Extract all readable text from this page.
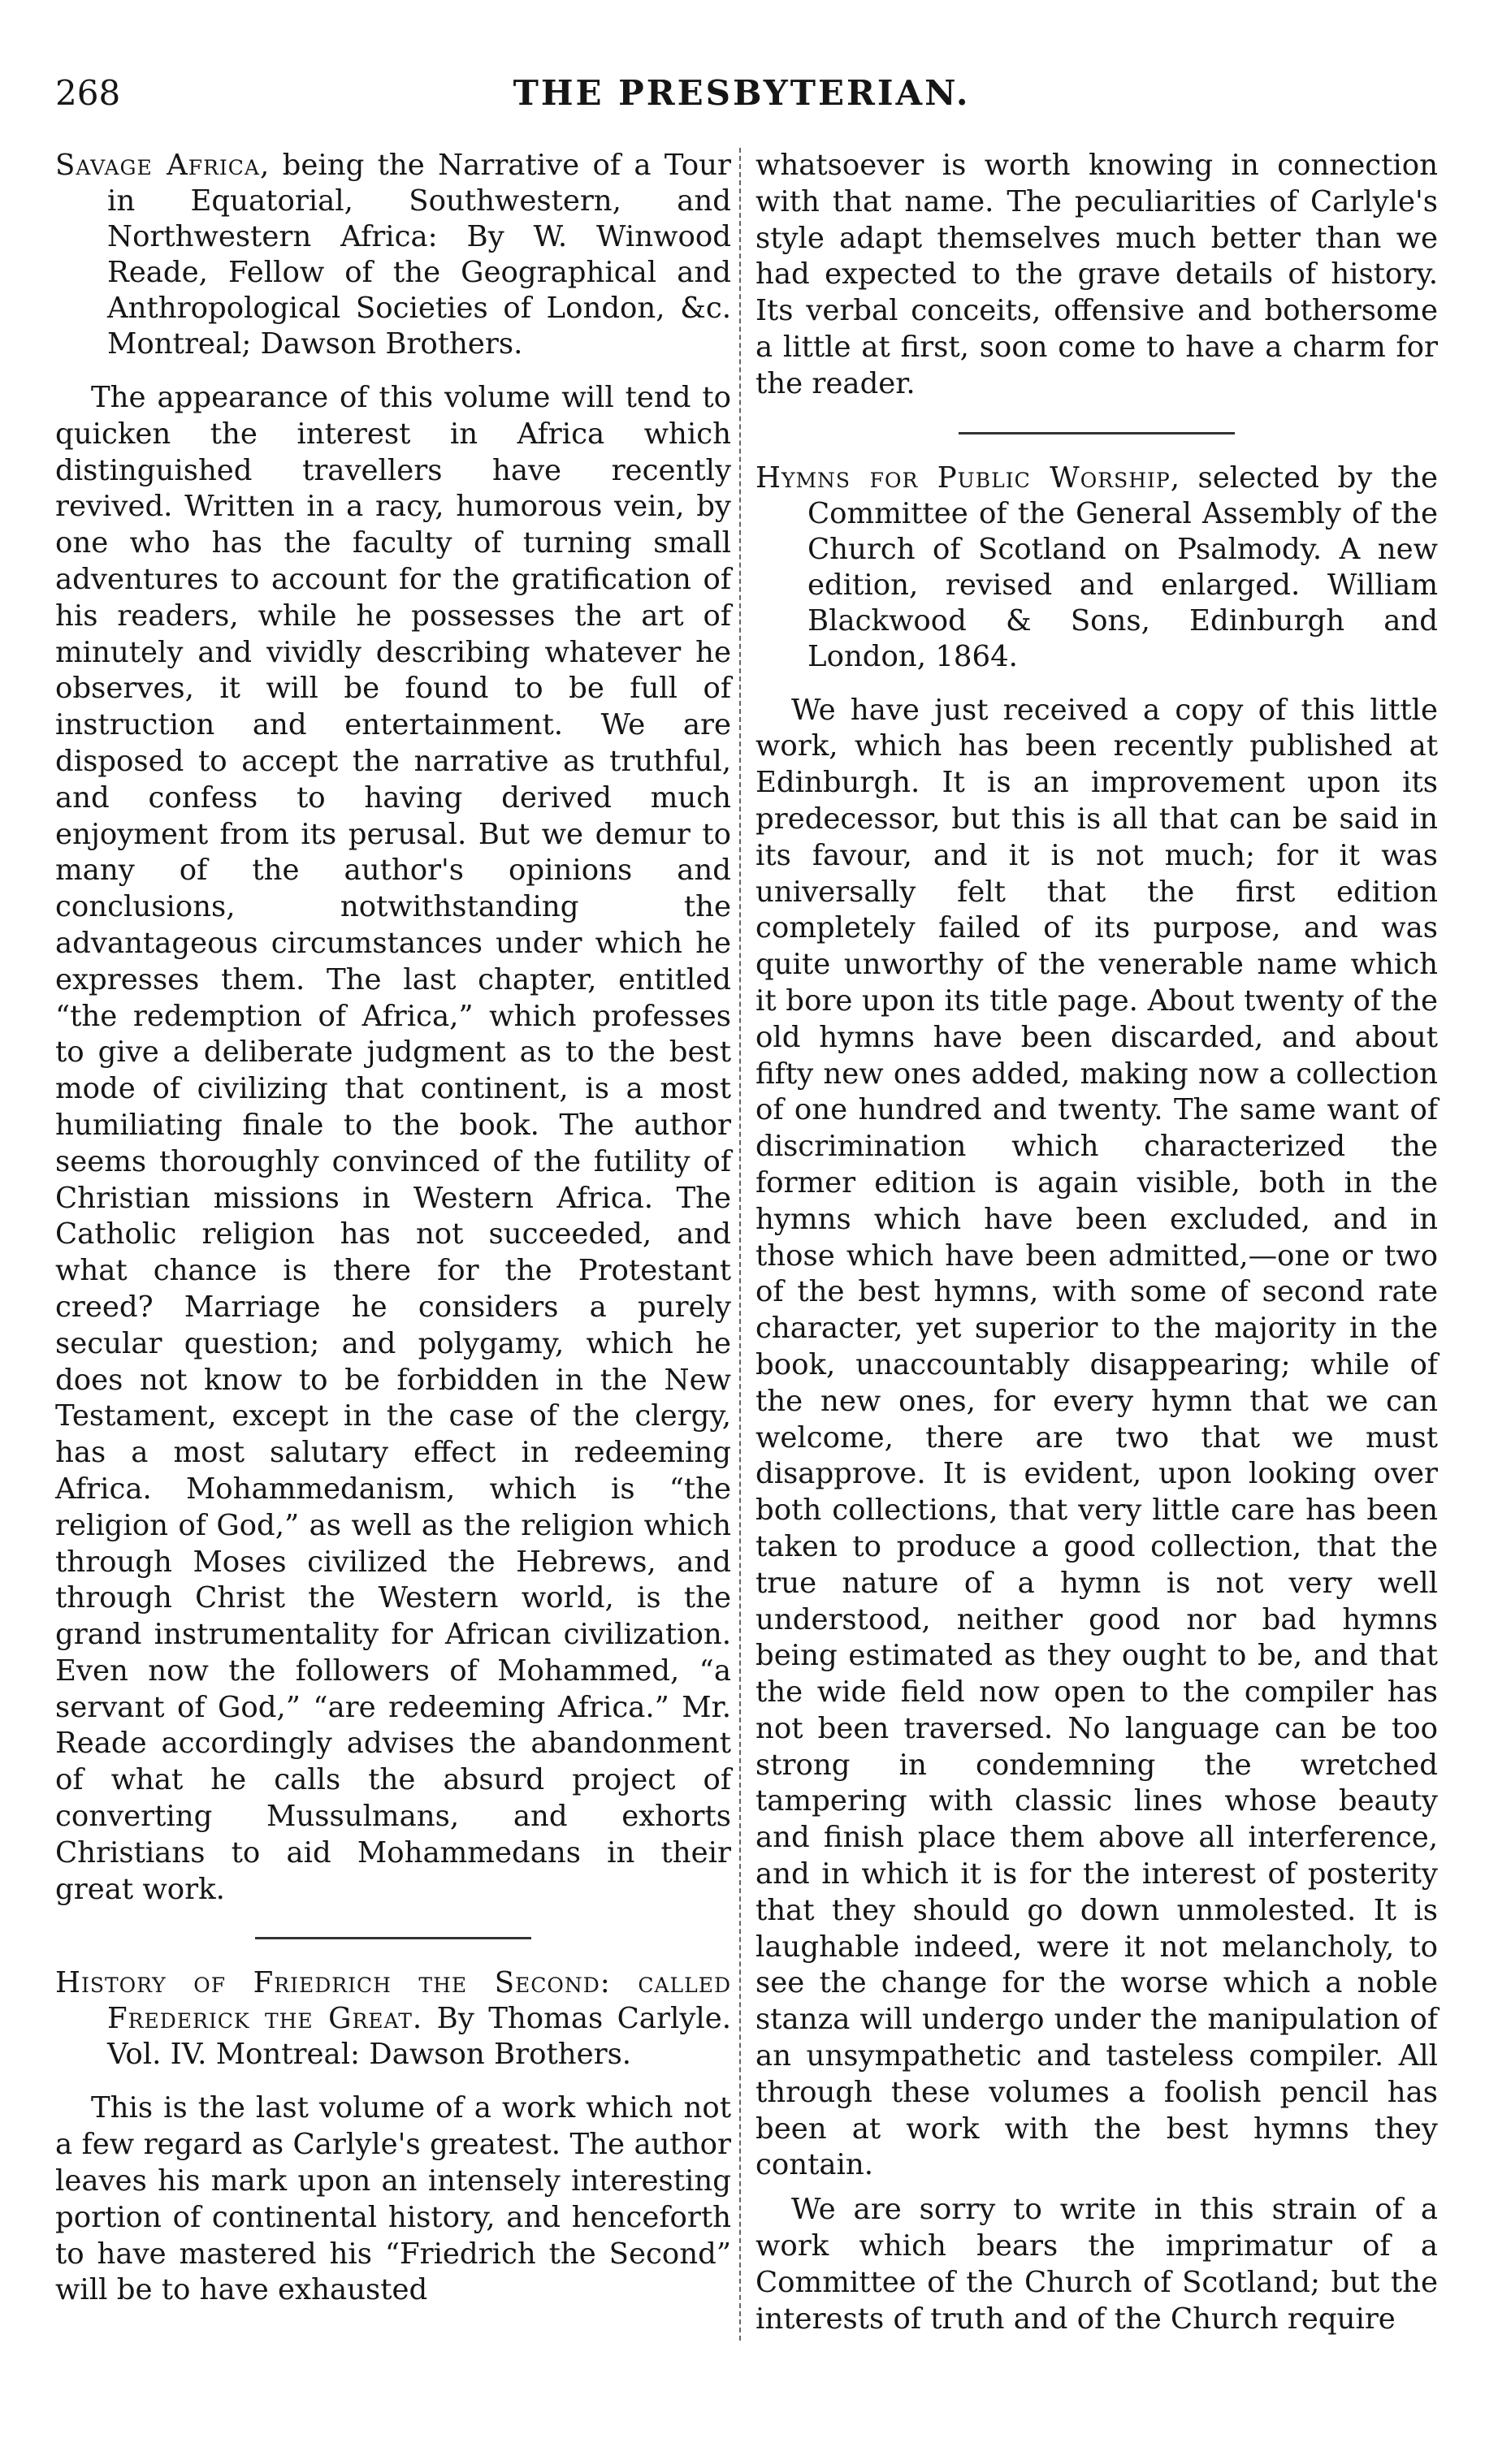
268	THE PRESBYTERIAN.

Savage Africa, being the Narrative of a Tour in Equatorial, Southwestern, and Northwestern Africa: By W. Winwood Reade, Fellow of the Geographical and Anthropological Societies of London, &c. Montreal; Dawson Brothers.

The appearance of this volume will tend to quicken the interest in Africa which distinguished travellers have recently revived. Written in a racy, humorous vein, by one who has the faculty of turning small adventures to account for the gratification of his readers, while he possesses the art of minutely and vividly describing whatever he observes, it will be found to be full of instruction and entertainment. We are disposed to accept the narrative as truthful, and confess to having derived much enjoyment from its perusal. But we demur to many of the author's opinions and conclusions, notwithstanding the advantageous circumstances under which he expresses them. The last chapter, entitled “the redemption of Africa,” which professes to give a deliberate judgment as to the best mode of civilizing that continent, is a most humiliating finale to the book. The author seems thoroughly convinced of the futility of Christian missions in Western Africa. The Catholic religion has not succeeded, and what chance is there for the Protestant creed? Marriage he considers a purely secular question; and polygamy, which he does not know to be forbidden in the New Testament, except in the case of the clergy, has a most salutary effect in redeeming Africa. Mohammedanism, which is “the religion of God,” as well as the religion which through Moses civilized the Hebrews, and through Christ the Western world, is the grand instrumentality for African civilization. Even now the followers of Mohammed, “a servant of God,” “are redeeming Africa.” Mr. Reade accordingly advises the abandonment of what he calls the absurd project of converting Mussulmans, and exhorts Christians to aid Mohammedans in their great work.

History of Friedrich the Second: called Frederick the Great. By Thomas Carlyle. Vol. IV. Montreal: Dawson Brothers.

This is the last volume of a work which not a few regard as Carlyle's greatest. The author leaves his mark upon an intensely interesting portion of continental history, and henceforth to have mastered his “Friedrich the Second” will be to have exhausted

whatsoever is worth knowing in connection with that name. The peculiarities of Carlyle's style adapt themselves much better than we had expected to the grave details of history. Its verbal conceits, offensive and bothersome a little at first, soon come to have a charm for the reader.

Hymns for Public Worship, selected by the Committee of the General Assembly of the Church of Scotland on Psalmody. A new edition, revised and enlarged. William Blackwood & Sons, Edinburgh and London, 1864.

We have just received a copy of this little work, which has been recently published at Edinburgh. It is an improvement upon its predecessor, but this is all that can be said in its favour, and it is not much; for it was universally felt that the first edition completely failed of its purpose, and was quite unworthy of the venerable name which it bore upon its title page. About twenty of the old hymns have been discarded, and about fifty new ones added, making now a collection of one hundred and twenty. The same want of discrimination which characterized the former edition is again visible, both in the hymns which have been excluded, and in those which have been admitted,—one or two of the best hymns, with some of second rate character, yet superior to the majority in the book, unaccountably disappearing; while of the new ones, for every hymn that we can welcome, there are two that we must disapprove. It is evident, upon looking over both collections, that very little care has been taken to produce a good collection, that the true nature of a hymn is not very well understood, neither good nor bad hymns being estimated as they ought to be, and that the wide field now open to the compiler has not been traversed. No language can be too strong in condemning the wretched tampering with classic lines whose beauty and finish place them above all interference, and in which it is for the interest of posterity that they should go down unmolested. It is laughable indeed, were it not melancholy, to see the change for the worse which a noble stanza will undergo under the manipulation of an unsympathetic and tasteless compiler. All through these volumes a foolish pencil has been at work with the best hymns they contain.

We are sorry to write in this strain of a work which bears the imprimatur of a Committee of the Church of Scotland; but the interests of truth and of the Church require
